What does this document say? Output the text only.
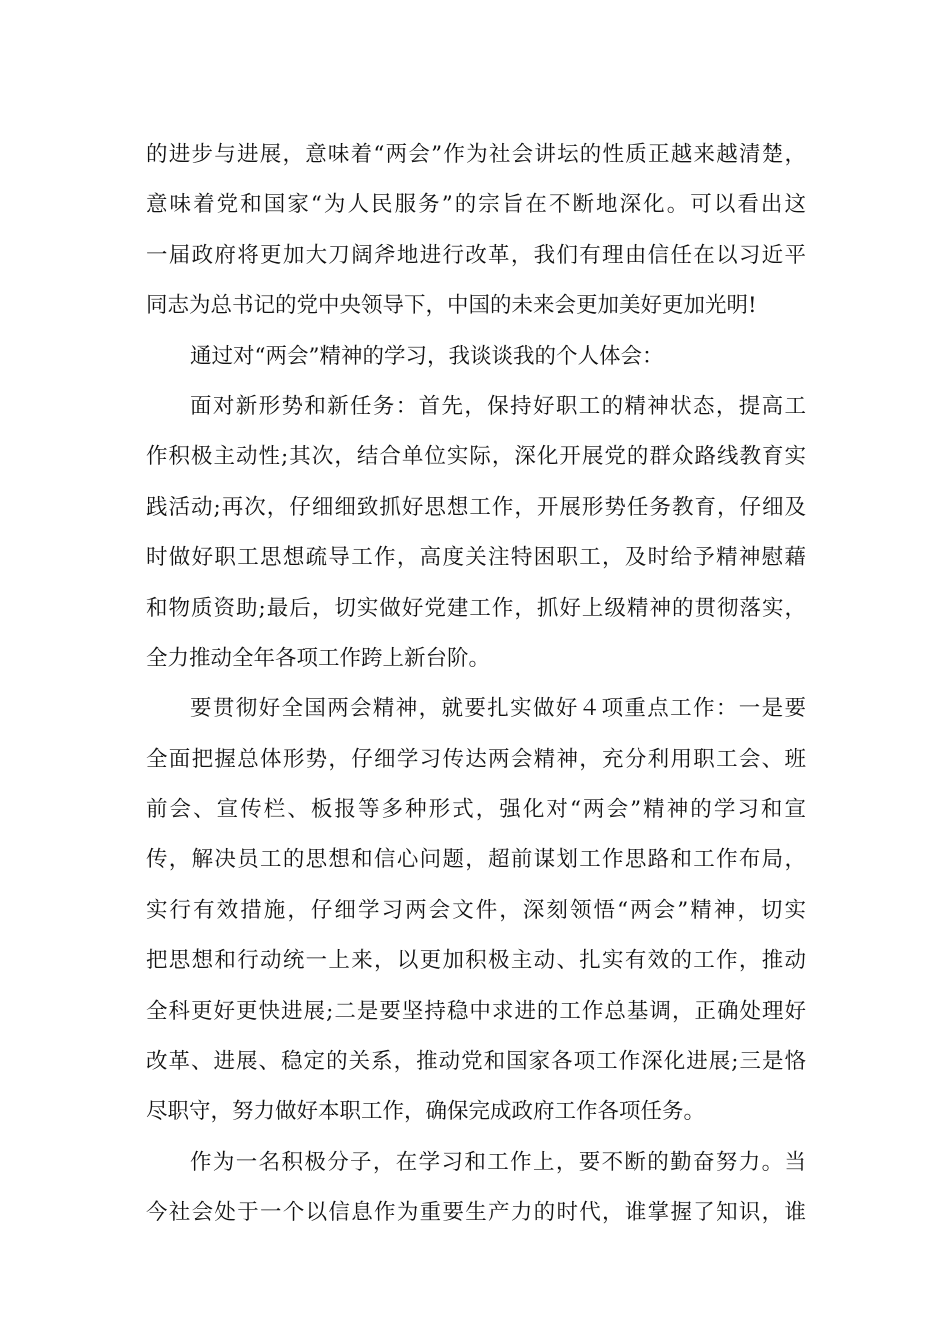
的进步与进展，意味着“两会”作为社会讲坛的性质正越来越清楚，
意味着党和国家“为人民服务”的宗旨在不断地深化。可以看出这
一届政府将更加大刀阔斧地进行改革，我们有理由信任在以习近平
同志为总书记的党中央领导下，中国的未来会更加美好更加光明!
通过对“两会”精神的学习，我谈谈我的个人体会：
面对新形势和新任务：首先，保持好职工的精神状态，提高工
作积极主动性;其次，结合单位实际，深化开展党的群众路线教育实
践活动;再次，仔细细致抓好思想工作，开展形势任务教育，仔细及
时做好职工思想疏导工作，高度关注特困职工，及时给予精神慰藉
和物质资助;最后，切实做好党建工作，抓好上级精神的贯彻落实，
全力推动全年各项工作跨上新台阶。
要贯彻好全国两会精神，就要扎实做好４项重点工作：一是要
全面把握总体形势，仔细学习传达两会精神，充分利用职工会、班
前会、宣传栏、板报等多种形式，强化对“两会”精神的学习和宣
传，解决员工的思想和信心问题，超前谋划工作思路和工作布局，
实行有效措施，仔细学习两会文件，深刻领悟“两会”精神，切实
把思想和行动统一上来，以更加积极主动、扎实有效的工作，推动
全科更好更快进展;二是要坚持稳中求进的工作总基调，正确处理好
改革、进展、稳定的关系，推动党和国家各项工作深化进展;三是恪
尽职守，努力做好本职工作，确保完成政府工作各项任务。
作为一名积极分子，在学习和工作上，要不断的勤奋努力。当
今社会处于一个以信息作为重要生产力的时代，谁掌握了知识，谁
